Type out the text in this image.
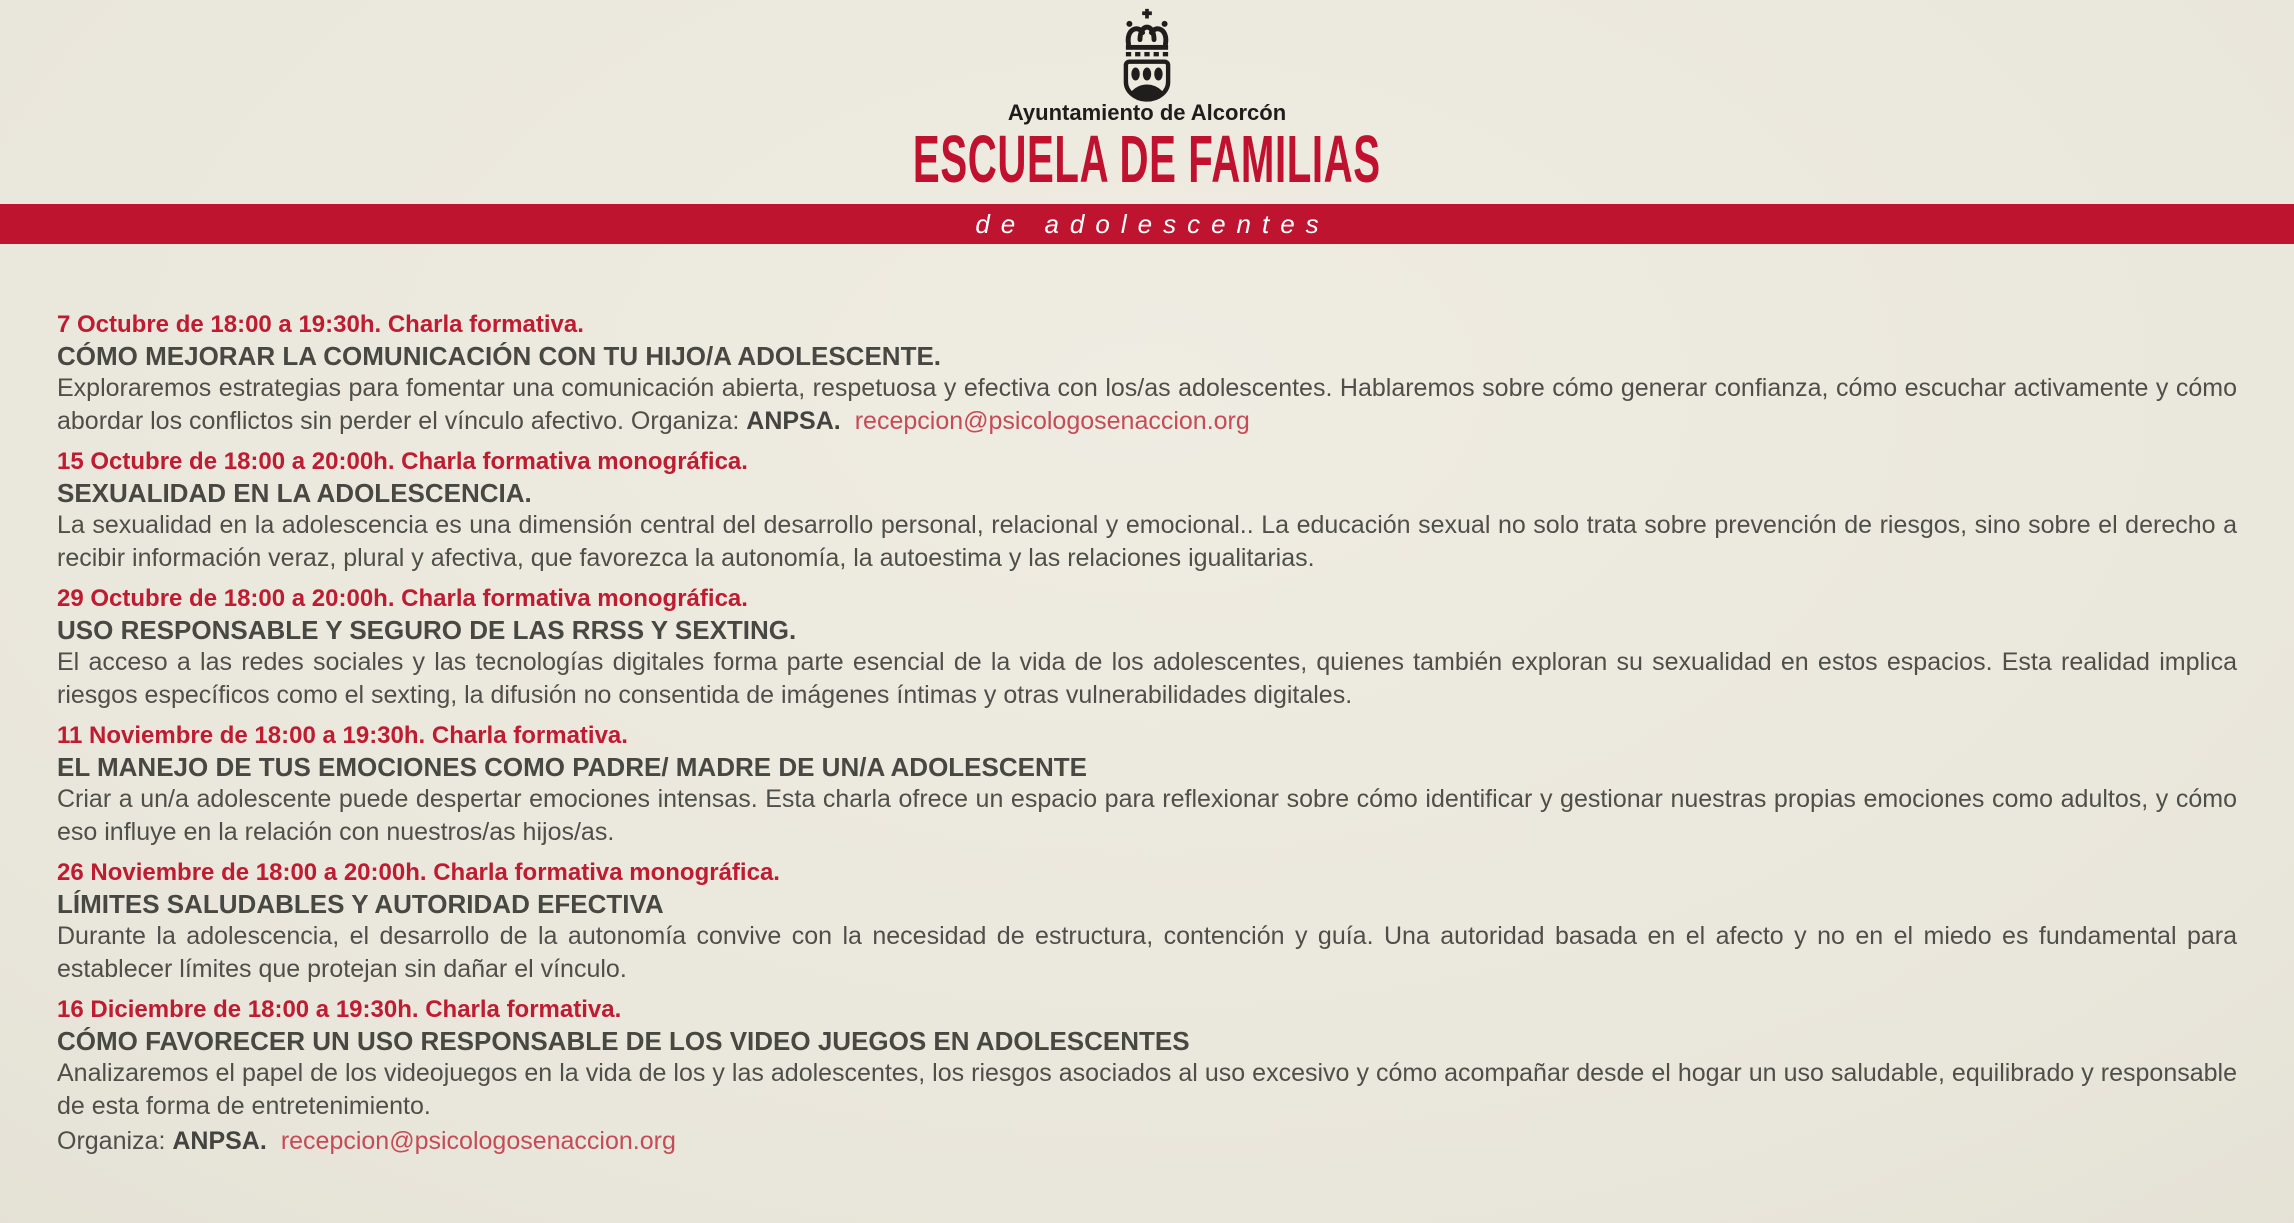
Ayuntamiento de Alcorcón
ESCUELA DE FAMILIAS
de adolescentes
7 Octubre de 18:00 a 19:30h. Charla formativa.
CÓMO MEJORAR LA COMUNICACIÓN CON TU HIJO/A ADOLESCENTE.

Exploraremos estrategias para fomentar una comunicación abierta, respetuosa y efectiva con los/as adolescentes. Hablaremos sobre cómo generar confianza, cómo escuchar activamente y cómo abordar los conflictos sin perder el vínculo afectivo. Organiza: ANPSA. recepcion@psicologosenaccion.org

15 Octubre de 18:00 a 20:00h. Charla formativa monográfica.
SEXUALIDAD EN LA ADOLESCENCIA.

La sexualidad en la adolescencia es una dimensión central del desarrollo personal, relacional y emocional.. La educación sexual no solo trata sobre prevención de riesgos, sino sobre el derecho a recibir información veraz, plural y afectiva, que favorezca la autonomía, la autoestima y las relaciones igualitarias.

29 Octubre de 18:00 a 20:00h. Charla formativa monográfica.
USO RESPONSABLE Y SEGURO DE LAS RRSS Y SEXTING.

El acceso a las redes sociales y las tecnologías digitales forma parte esencial de la vida de los adolescentes, quienes también exploran su sexualidad en estos espacios. Esta realidad implica riesgos específicos como el sexting, la difusión no consentida de imágenes íntimas y otras vulnerabilidades digitales.

11 Noviembre de 18:00 a 19:30h. Charla formativa.
EL MANEJO DE TUS EMOCIONES COMO PADRE/ MADRE DE UN/A ADOLESCENTE

Criar a un/a adolescente puede despertar emociones intensas. Esta charla ofrece un espacio para reflexionar sobre cómo identificar y gestionar nuestras propias emociones como adultos, y cómo eso influye en la relación con nuestros/as hijos/as.

26 Noviembre de 18:00 a 20:00h. Charla formativa monográfica.
LÍMITES SALUDABLES Y AUTORIDAD EFECTIVA

Durante la adolescencia, el desarrollo de la autonomía convive con la necesidad de estructura, contención y guía. Una autoridad basada en el afecto y no en el miedo es fundamental para establecer límites que protejan sin dañar el vínculo.

16 Diciembre de 18:00 a 19:30h. Charla formativa.
CÓMO FAVORECER UN USO RESPONSABLE DE LOS VIDEO JUEGOS EN ADOLESCENTES

Analizaremos el papel de los videojuegos en la vida de los y las adolescentes, los riesgos asociados al uso excesivo y cómo acompañar desde el hogar un uso saludable, equilibrado y responsable de esta forma de entretenimiento.

Organiza: ANPSA. recepcion@psicologosenaccion.org
